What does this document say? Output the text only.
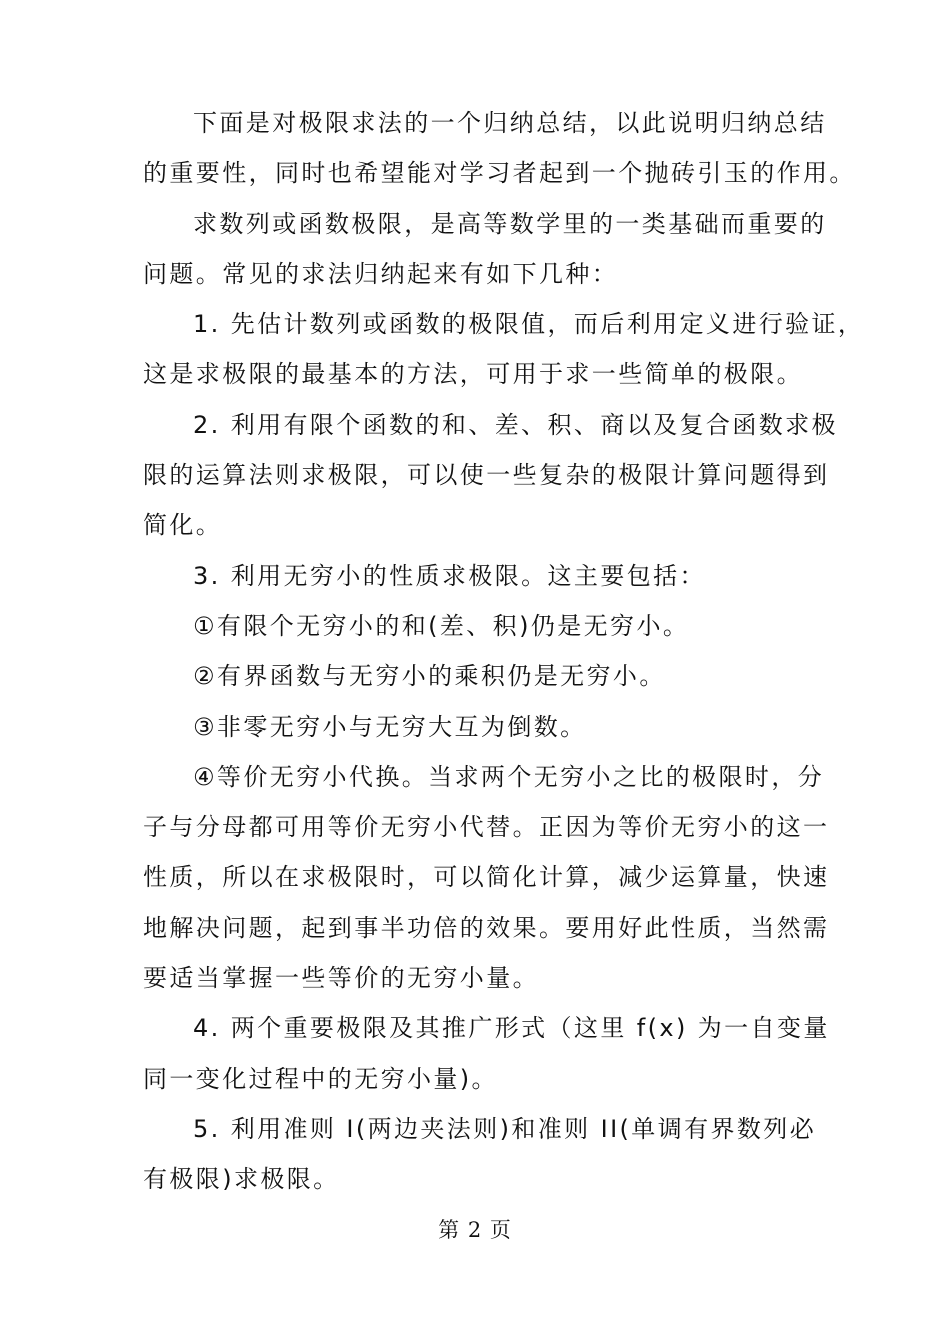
下面是对极限求法的一个归纳总结，以此说明归纳总结
的重要性，同时也希望能对学习者起到一个抛砖引玉的作用。
求数列或函数极限，是高等数学里的一类基础而重要的
问题。常见的求法归纳起来有如下几种：
1. 先估计数列或函数的极限值，而后利用定义进行验证，
这是求极限的最基本的方法，可用于求一些简单的极限。
2. 利用有限个函数的和、差、积、商以及复合函数求极
限的运算法则求极限，可以使一些复杂的极限计算问题得到
简化。
3. 利用无穷小的性质求极限。这主要包括：
①有限个无穷小的和(差、积)仍是无穷小。
②有界函数与无穷小的乘积仍是无穷小。
③非零无穷小与无穷大互为倒数。
④等价无穷小代换。当求两个无穷小之比的极限时，分
子与分母都可用等价无穷小代替。正因为等价无穷小的这一
性质，所以在求极限时，可以简化计算，减少运算量，快速
地解决问题，起到事半功倍的效果。要用好此性质，当然需
要适当掌握一些等价的无穷小量。
4. 两个重要极限及其推广形式（这里 f(x) 为一自变量
同一变化过程中的无穷小量)。
5. 利用准则 I(两边夹法则)和准则 II(单调有界数列必
有极限)求极限。
第 2 页
